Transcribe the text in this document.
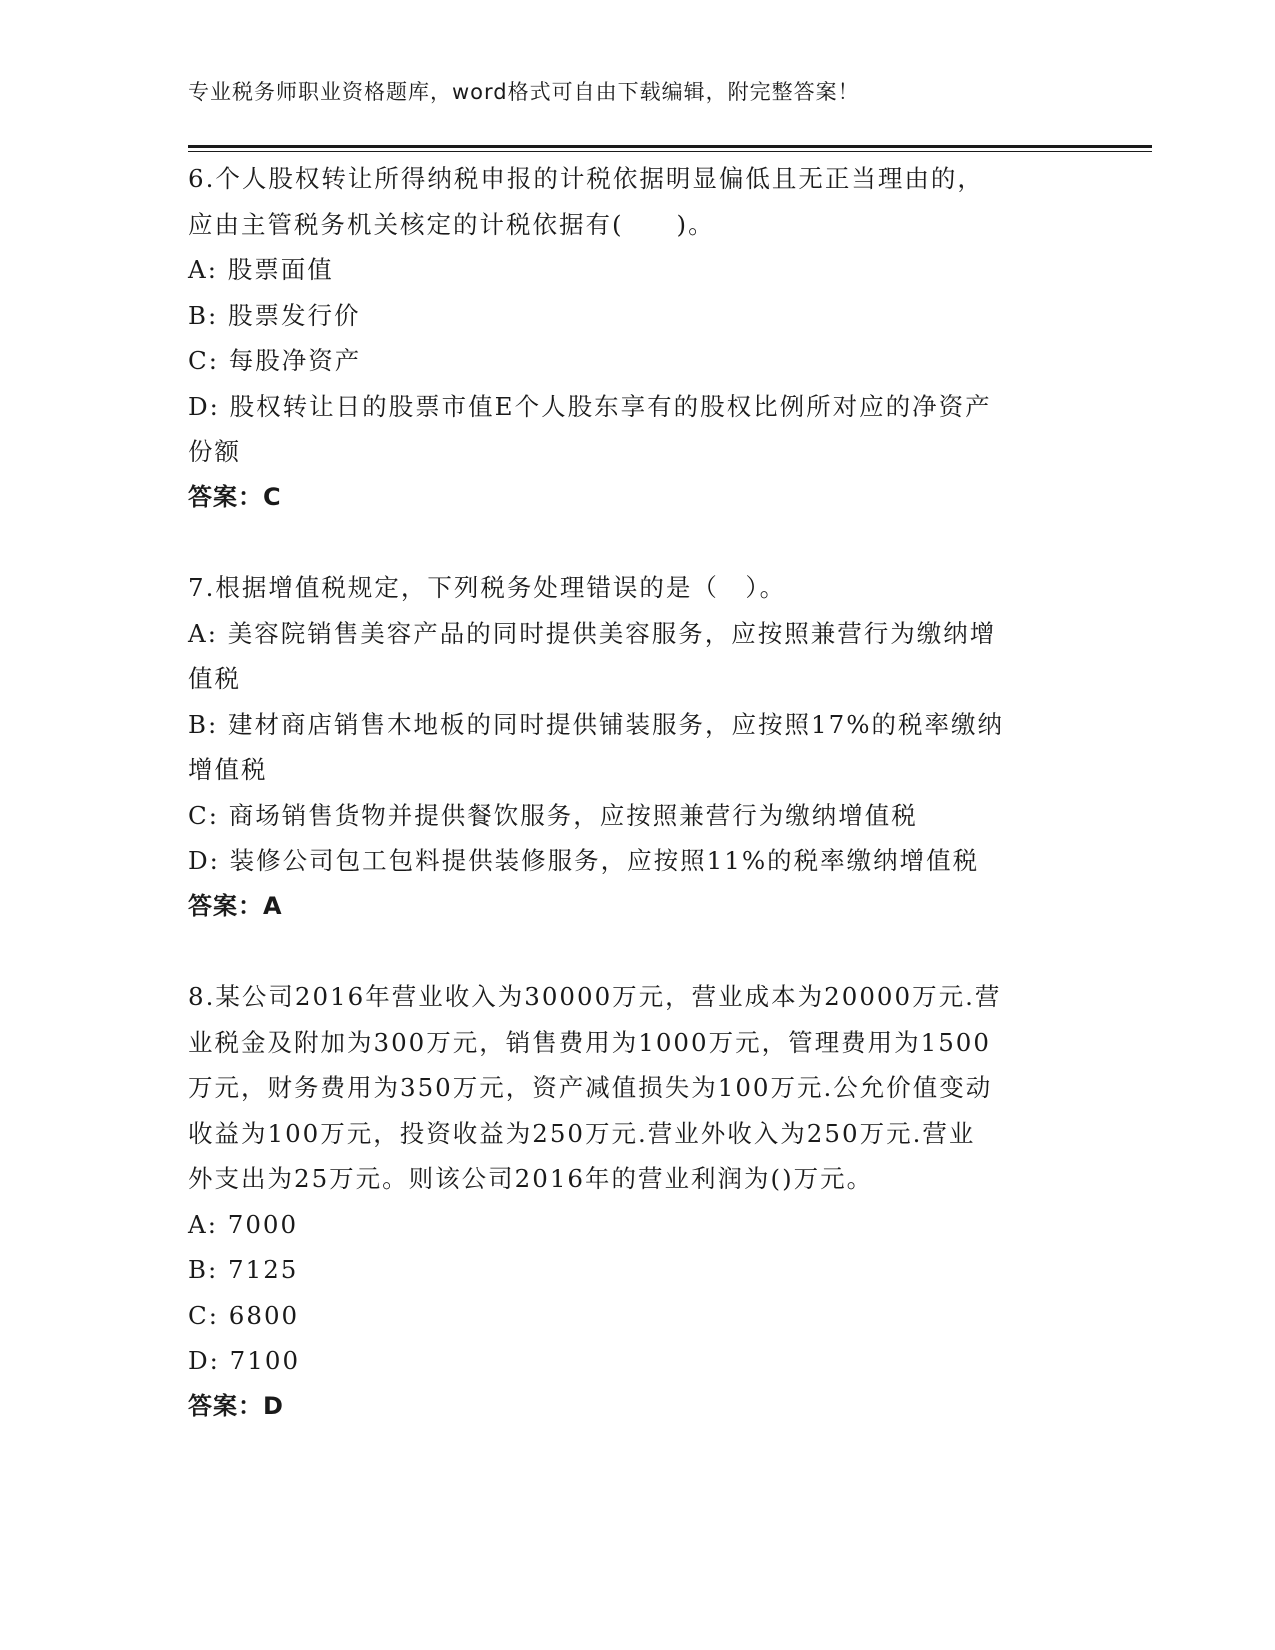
专业税务师职业资格题库，word格式可自由下载编辑，附完整答案！

6.个人股权转让所得纳税申报的计税依据明显偏低且无正当理由的，

应由主管税务机关核定的计税依据有(　　)。

A: 股票面值

B: 股票发行价

C: 每股净资产

D: 股权转让日的股票市值E个人股东享有的股权比例所对应的净资产

份额

答案：C

7.根据增值税规定，下列税务处理错误的是（　）。

A: 美容院销售美容产品的同时提供美容服务，应按照兼营行为缴纳增

值税

B: 建材商店销售木地板的同时提供铺装服务，应按照17%的税率缴纳

增值税

C: 商场销售货物并提供餐饮服务，应按照兼营行为缴纳增值税

D: 装修公司包工包料提供装修服务，应按照11%的税率缴纳增值税

答案：A

8.某公司2016年营业收入为30000万元，营业成本为20000万元.营

业税金及附加为300万元，销售费用为1000万元，管理费用为1500

万元，财务费用为350万元，资产减值损失为100万元.公允价值变动

收益为100万元，投资收益为250万元.营业外收入为250万元.营业

外支出为25万元。则该公司2016年的营业利润为()万元。

A: 7000

B: 7125

C: 6800

D: 7100

答案：D
